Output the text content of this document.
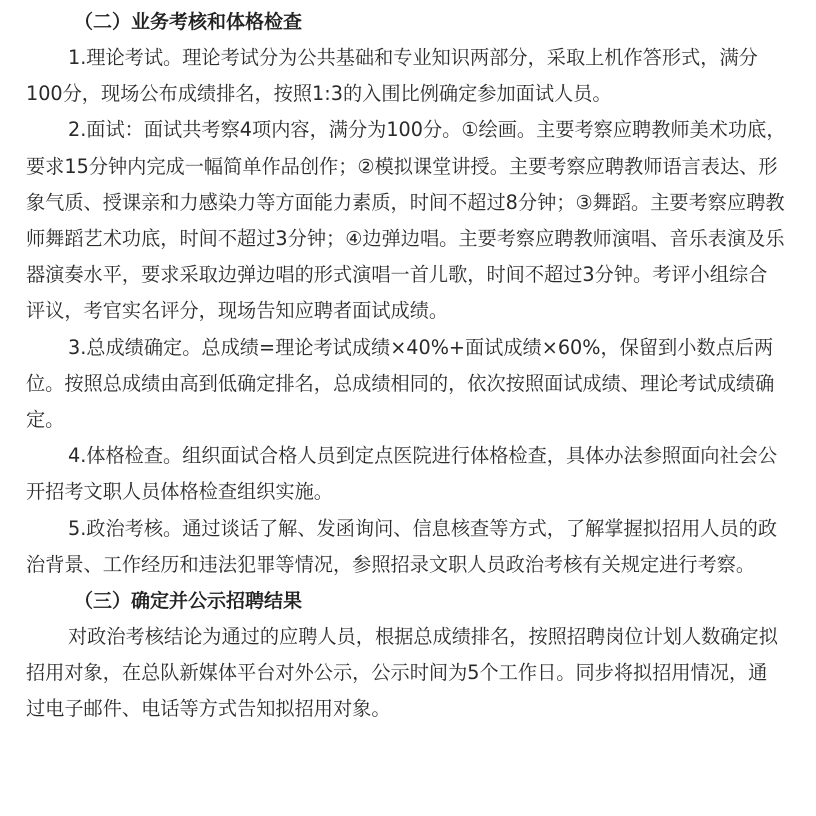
（二）业务考核和体格检查

1.理论考试。理论考试分为公共基础和专业知识两部分，采取上机作答形式，满分100分，现场公布成绩排名，按照1:3的入围比例确定参加面试人员。

2.面试：面试共考察4项内容，满分为100分。①绘画。主要考察应聘教师美术功底，要求15分钟内完成一幅简单作品创作；②模拟课堂讲授。主要考察应聘教师语言表达、形象气质、授课亲和力感染力等方面能力素质，时间不超过8分钟；③舞蹈。主要考察应聘教师舞蹈艺术功底，时间不超过3分钟；④边弹边唱。主要考察应聘教师演唱、音乐表演及乐器演奏水平，要求采取边弹边唱的形式演唱一首儿歌，时间不超过3分钟。考评小组综合评议，考官实名评分，现场告知应聘者面试成绩。

3.总成绩确定。总成绩=理论考试成绩×40%+面试成绩×60%，保留到小数点后两位。按照总成绩由高到低确定排名，总成绩相同的，依次按照面试成绩、理论考试成绩确定。

4.体格检查。组织面试合格人员到定点医院进行体格检查，具体办法参照面向社会公开招考文职人员体格检查组织实施。

5.政治考核。通过谈话了解、发函询问、信息核查等方式，了解掌握拟招用人员的政治背景、工作经历和违法犯罪等情况，参照招录文职人员政治考核有关规定进行考察。

（三）确定并公示招聘结果

对政治考核结论为通过的应聘人员，根据总成绩排名，按照招聘岗位计划人数确定拟招用对象，在总队新媒体平台对外公示，公示时间为5个工作日。同步将拟招用情况，通过电子邮件、电话等方式告知拟招用对象。
